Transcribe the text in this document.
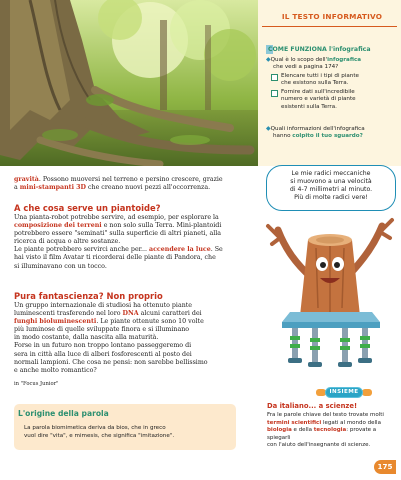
IL TESTO INFORMATIVO
COME FUNZIONA l'infografica
◆Qual è lo scopo dell'infografica
che vedi a pagina 174?
Elencare tutti i tipi di piante
che esistono sulla Terra.
Fornire dati sull'incredibile
numero e varietà di piante
esistenti sulla Terra.
◆Quali informazioni dell'infografica
hanno colpito il tuo sguardo?
gravità. Possono muoversi nel terreno e persino crescere, grazie
a mini-stampanti 3D che creano nuovi pezzi all'occorrenza.
A che cosa serve un piantoide?
Una pianta-robot potrebbe servire, ad esempio, per esplorare la
composizione dei terreni e non solo sulla Terra. Mini-plantoidi
potrebbero essere "seminati" sulla superficie di altri pianeti, alla
ricerca di acqua o altre sostanze.
Le piante potrebbero servirci anche per... accendere la luce. Se
hai visto il film Avatar ti ricorderai delle piante di Pandora, che
si illuminavano con un tocco.
Pura fantascienza? Non proprio
Un gruppo internazionale di studiosi ha ottenuto piante
luminescenti trasferendo nel loro DNA alcuni caratteri dei
funghi bioluminescenti. Le piante ottenute sono 10 volte
più luminose di quelle sviluppate finora e si illuminano
in modo costante, dalla nascita alla maturità.
Forse in un futuro non troppo lontano passeggeremo di
sera in città alla luce di alberi fosforescenti al posto dei
normali lampioni. Che cosa ne pensi: non sarebbe bellissimo
e anche molto romantico?
in "Focus Junior"
L'origine della parola
La parola biomimetica deriva da bios, che in greco
vuol dire "vita", e mimesis, che significa "imitazione".
Le mie radici meccaniche
si muovono a una velocità
di 4-7 millimetri al minuto.
Più di molte radici vere!
INSIEME
Da italiano... a scienze!
Fra le parole chiave del testo trovate molti
termini scientifici legati al mondo della
biologia e della tecnologia: provate a spiegarli
con l'aiuto dell'insegnante di scienze.
175
